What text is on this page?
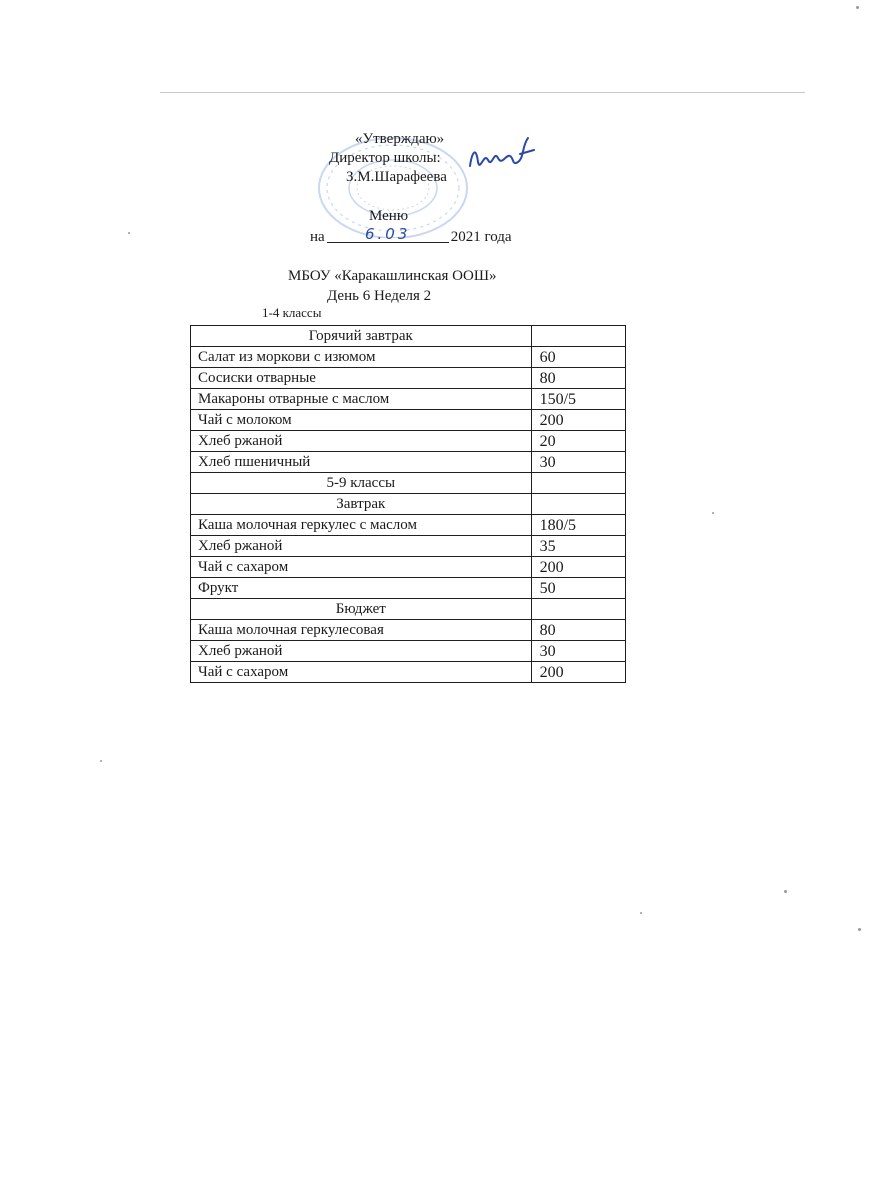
«Утверждаю»
Директор школы:
З.М.Шарафеева
Меню
на	6.03	2021 года
МБОУ «Каракашлинская ООШ»
День 6 Неделя 2
1-4 классы
Горячий завтрак	
Салат из моркови с изюмом	60
Сосиски отварные	80
Макароны отварные с маслом	150/5
Чай с молоком	200
Хлеб ржаной	20
Хлеб пшеничный	30
5-9 классы	
Завтрак	
Каша молочная геркулес с маслом	180/5
Хлеб ржаной	35
Чай с сахаром	200
Фрукт	50
Бюджет	
Каша молочная геркулесовая	80
Хлеб ржаной	30
Чай с сахаром	200
